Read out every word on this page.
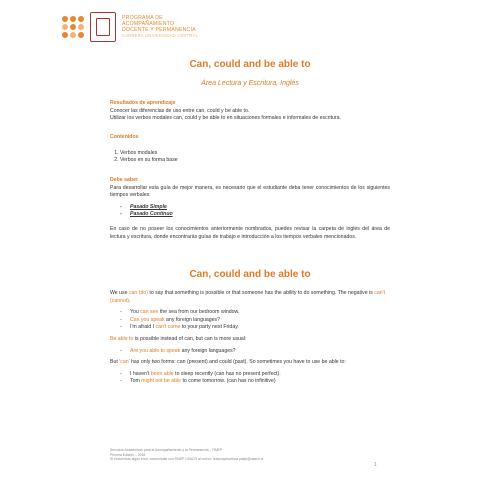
PROGRAMA DE
ACOMPAÑAMIENTO
DOCENTE Y PERMANENCIA
CARRERA UNIVERSIDAD CENTRAL
Can, could and be able to
Área Lectura y Escritura, Inglés
Resultados de aprendizaje
Conocer las diferencias de uso entre can, could y be able to.
Utilizar los verbos modales can, could y be able to en situaciones formales e informales de escritura.
Contenidos
1. Verbos modales
2. Verbos en su forma base
Debe saber
Para desarrollar esta guía de mejor manera, es necesario que el estudiante deba tener conocimientos de los siguientes tiempos verbales:
- Pasado Simple
- Pasado Continuo
En caso de no poseer los conocimientos anteriormente nombrados, puedes revisar la carpeta de inglés del área de lectura y escritura, donde encontrarás guías de trabajo e introducción a los tiempos verbales mencionados.
Can, could and be able to
We use can (do) to say that something is possible or that someone has the ability to do something. The negative is can't (cannot).
- You can see the sea from our bedroom window.
- Can you speak any foreign languages?
- I'm afraid I can't come to your party next Friday.
Be able to is possible instead of can, but can is more usual:
- Are you able to speak any foreign languages?
But 'can' has only two forms: can (present) and could (past). So sometimes you have to use be able to:
- I haven't been able to sleep recently (can has no present perfect).
- Tom might not be able to come tomorrow. (can has no infinitive)
Servicios Académicos para el Acompañamiento y la Permanencia – PAIEP
Primera Edición – 2016
Si encuentras algún error, comunícate con PAIEP USACH al correo: lecturayescritura.paiep@usach.cl
1
